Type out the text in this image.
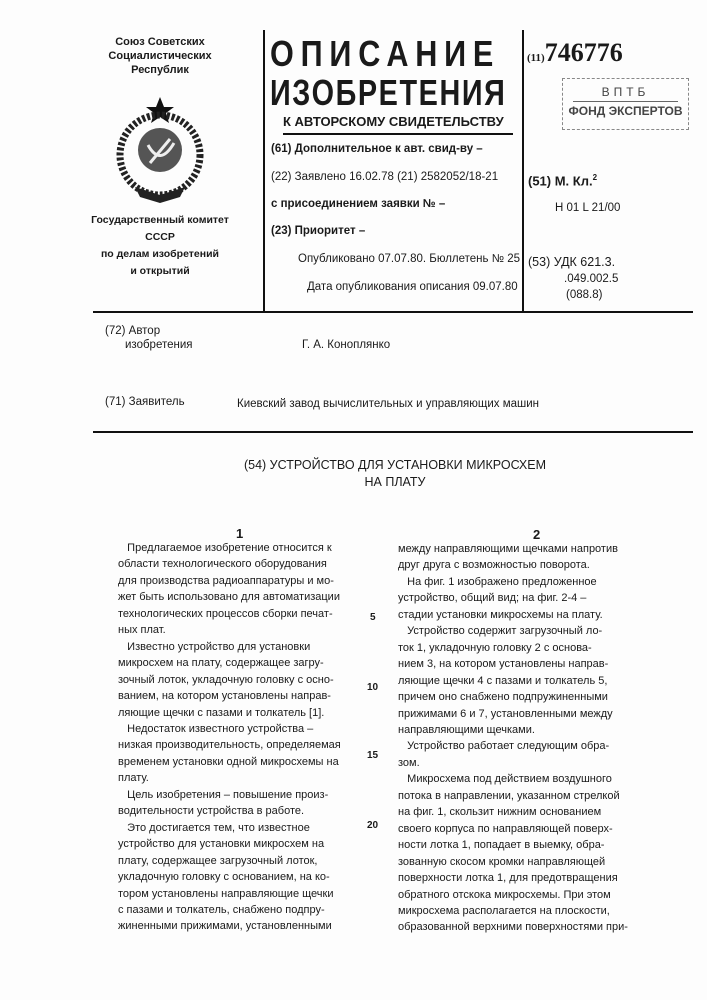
Союз Советских
Социалистических
Республик
Государственный комитет
СССР
по делам изобретений
и открытий
ОПИСАНИЕ
ИЗОБРЕТЕНИЯ
К АВТОРСКОМУ СВИДЕТЕЛЬСТВУ
(61) Дополнительное к авт. свид-ву –
(22) Заявлено 16.02.78 (21) 2582052/18-21
с присоединением заявки № –
(23) Приоритет –
Опубликовано 07.07.80. Бюллетень № 25
Дата опубликования описания 09.07.80
(11)746776
ВПТБ
ФОНД ЭКСПЕРТОВ
(51) М. Кл.2
H 01 L 21/00
(53) УДК 621.3.
.049.002.5
(088.8)
(72) Автор
изобретения	Г. А. Коноплянко
(71) Заявитель	Киевский завод вычислительных и управляющих машин
(54) УСТРОЙСТВО ДЛЯ УСТАНОВКИ МИКРОСХЕМ
НА ПЛАТУ
1	2
Предлагаемое изобретение относится к
области технологического оборудования
для производства радиоаппаратуры и мо-
жет быть использовано для автоматизации
технологических процессов сборки печат-
ных плат.
Известно устройство для установки
микросхем на плату, содержащее загру-
зочный лоток, укладочную головку с осно-
ванием, на котором установлены направ-
ляющие щечки с пазами и толкатель [1].
Недостаток известного устройства –
низкая производительность, определяемая
временем установки одной микросхемы на
плату.
Цель изобретения – повышение произ-
водительности устройства в работе.
Это достигается тем, что известное
устройство для установки микросхем на
плату, содержащее загрузочный лоток,
укладочную головку с основанием, на ко-
тором установлены направляющие щечки
с пазами и толкатель, снабжено подпру-
жиненными прижимами, установленными
между направляющими щечками напротив
друг друга с возможностью поворота.
На фиг. 1 изображено предложенное
устройство, общий вид; на фиг. 2-4 –
стадии установки микросхемы на плату.
Устройство содержит загрузочный ло-
ток 1, укладочную головку 2 с основа-
нием 3, на котором установлены направ-
ляющие щечки 4 с пазами и толкатель 5,
причем оно снабжено подпружиненными
прижимами 6 и 7, установленными между
направляющими щечками.
Устройство работает следующим обра-
зом.
Микросхема под действием воздушного
потока в направлении, указанном стрелкой
на фиг. 1, скользит нижним основанием
своего корпуса по направляющей поверх-
ности лотка 1, попадает в выемку, обра-
зованную скосом кромки направляющей
поверхности лотка 1, для предотвращения
обратного отскока микросхемы. При этом
микросхема располагается на плоскости,
образованной верхними поверхностями при-
5
10
15
20
